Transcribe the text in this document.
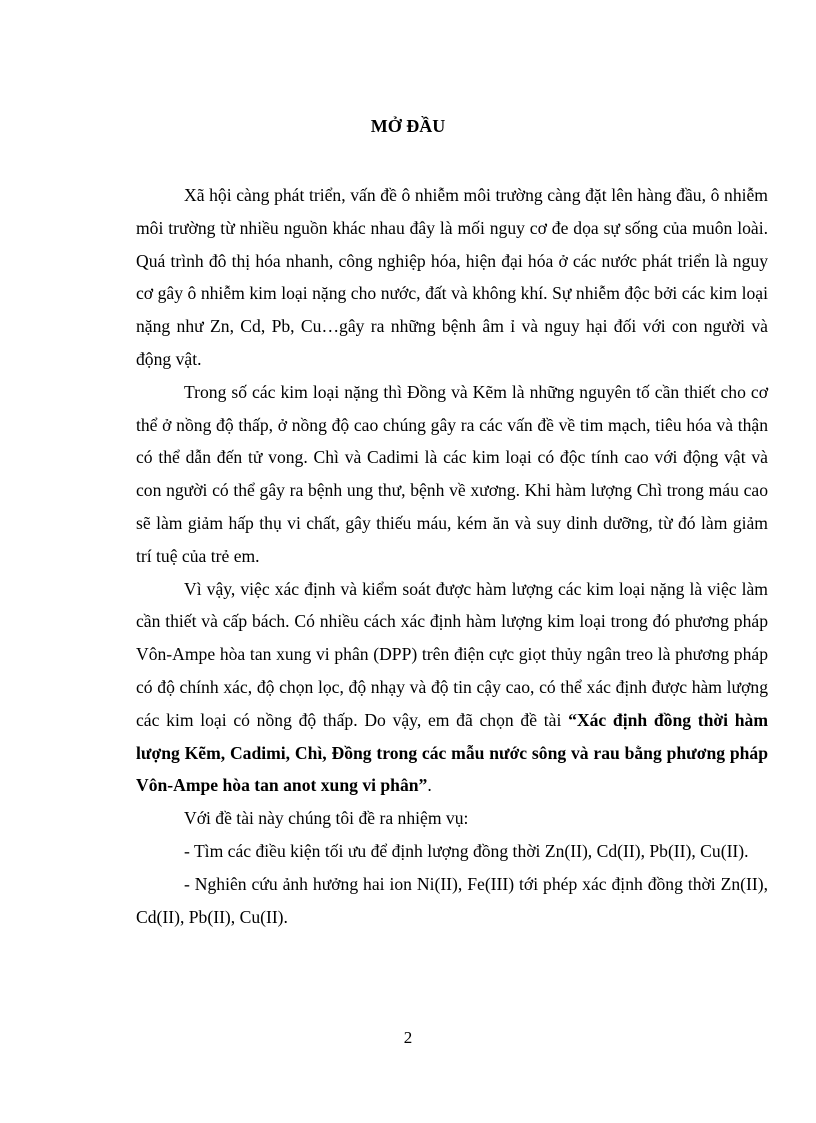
MỞ ĐẦU

Xã hội càng phát triển, vấn đề ô nhiễm môi trường càng đặt lên hàng đầu, ô nhiễm môi trường từ nhiều nguồn khác nhau đây là mối nguy cơ đe dọa sự sống của muôn loài. Quá trình đô thị hóa nhanh, công nghiệp hóa, hiện đại hóa ở các nước phát triển là nguy cơ gây ô nhiễm kim loại nặng cho nước, đất và không khí. Sự nhiễm độc bởi các kim loại nặng như Zn, Cd, Pb, Cu…gây ra những bệnh âm ỉ và nguy hại đối với con người và động vật.

Trong số các kim loại nặng thì Đồng và Kẽm là những nguyên tố cần thiết cho cơ thể ở nồng độ thấp, ở nồng độ cao chúng gây ra các vấn đề về tim mạch, tiêu hóa và thận có thể dẫn đến tử vong. Chì và Cadimi là các kim loại có độc tính cao với động vật và con người có thể gây ra bệnh ung thư, bệnh về xương. Khi hàm lượng Chì trong máu cao sẽ làm giảm hấp thụ vi chất, gây thiếu máu, kém ăn và suy dinh dưỡng, từ đó làm giảm trí tuệ của trẻ em.

Vì vậy, việc xác định và kiểm soát được hàm lượng các kim loại nặng là việc làm cần thiết và cấp bách. Có nhiều cách xác định hàm lượng kim loại trong đó phương pháp Vôn-Ampe hòa tan xung vi phân (DPP) trên điện cực giọt thủy ngân treo là phương pháp có độ chính xác, độ chọn lọc, độ nhạy và độ tin cậy cao, có thể xác định được hàm lượng các kim loại có nồng độ thấp. Do vậy, em đã chọn đề tài “Xác định đồng thời hàm lượng Kẽm, Cadimi, Chì, Đồng trong các mẫu nước sông và rau bằng phương pháp Vôn-Ampe hòa tan anot xung vi phân”.

Với đề tài này chúng tôi đề ra nhiệm vụ:

- Tìm các điều kiện tối ưu để định lượng đồng thời Zn(II), Cd(II), Pb(II), Cu(II).

- Nghiên cứu ảnh hưởng hai ion Ni(II), Fe(III) tới phép xác định đồng thời Zn(II), Cd(II), Pb(II), Cu(II).

2
